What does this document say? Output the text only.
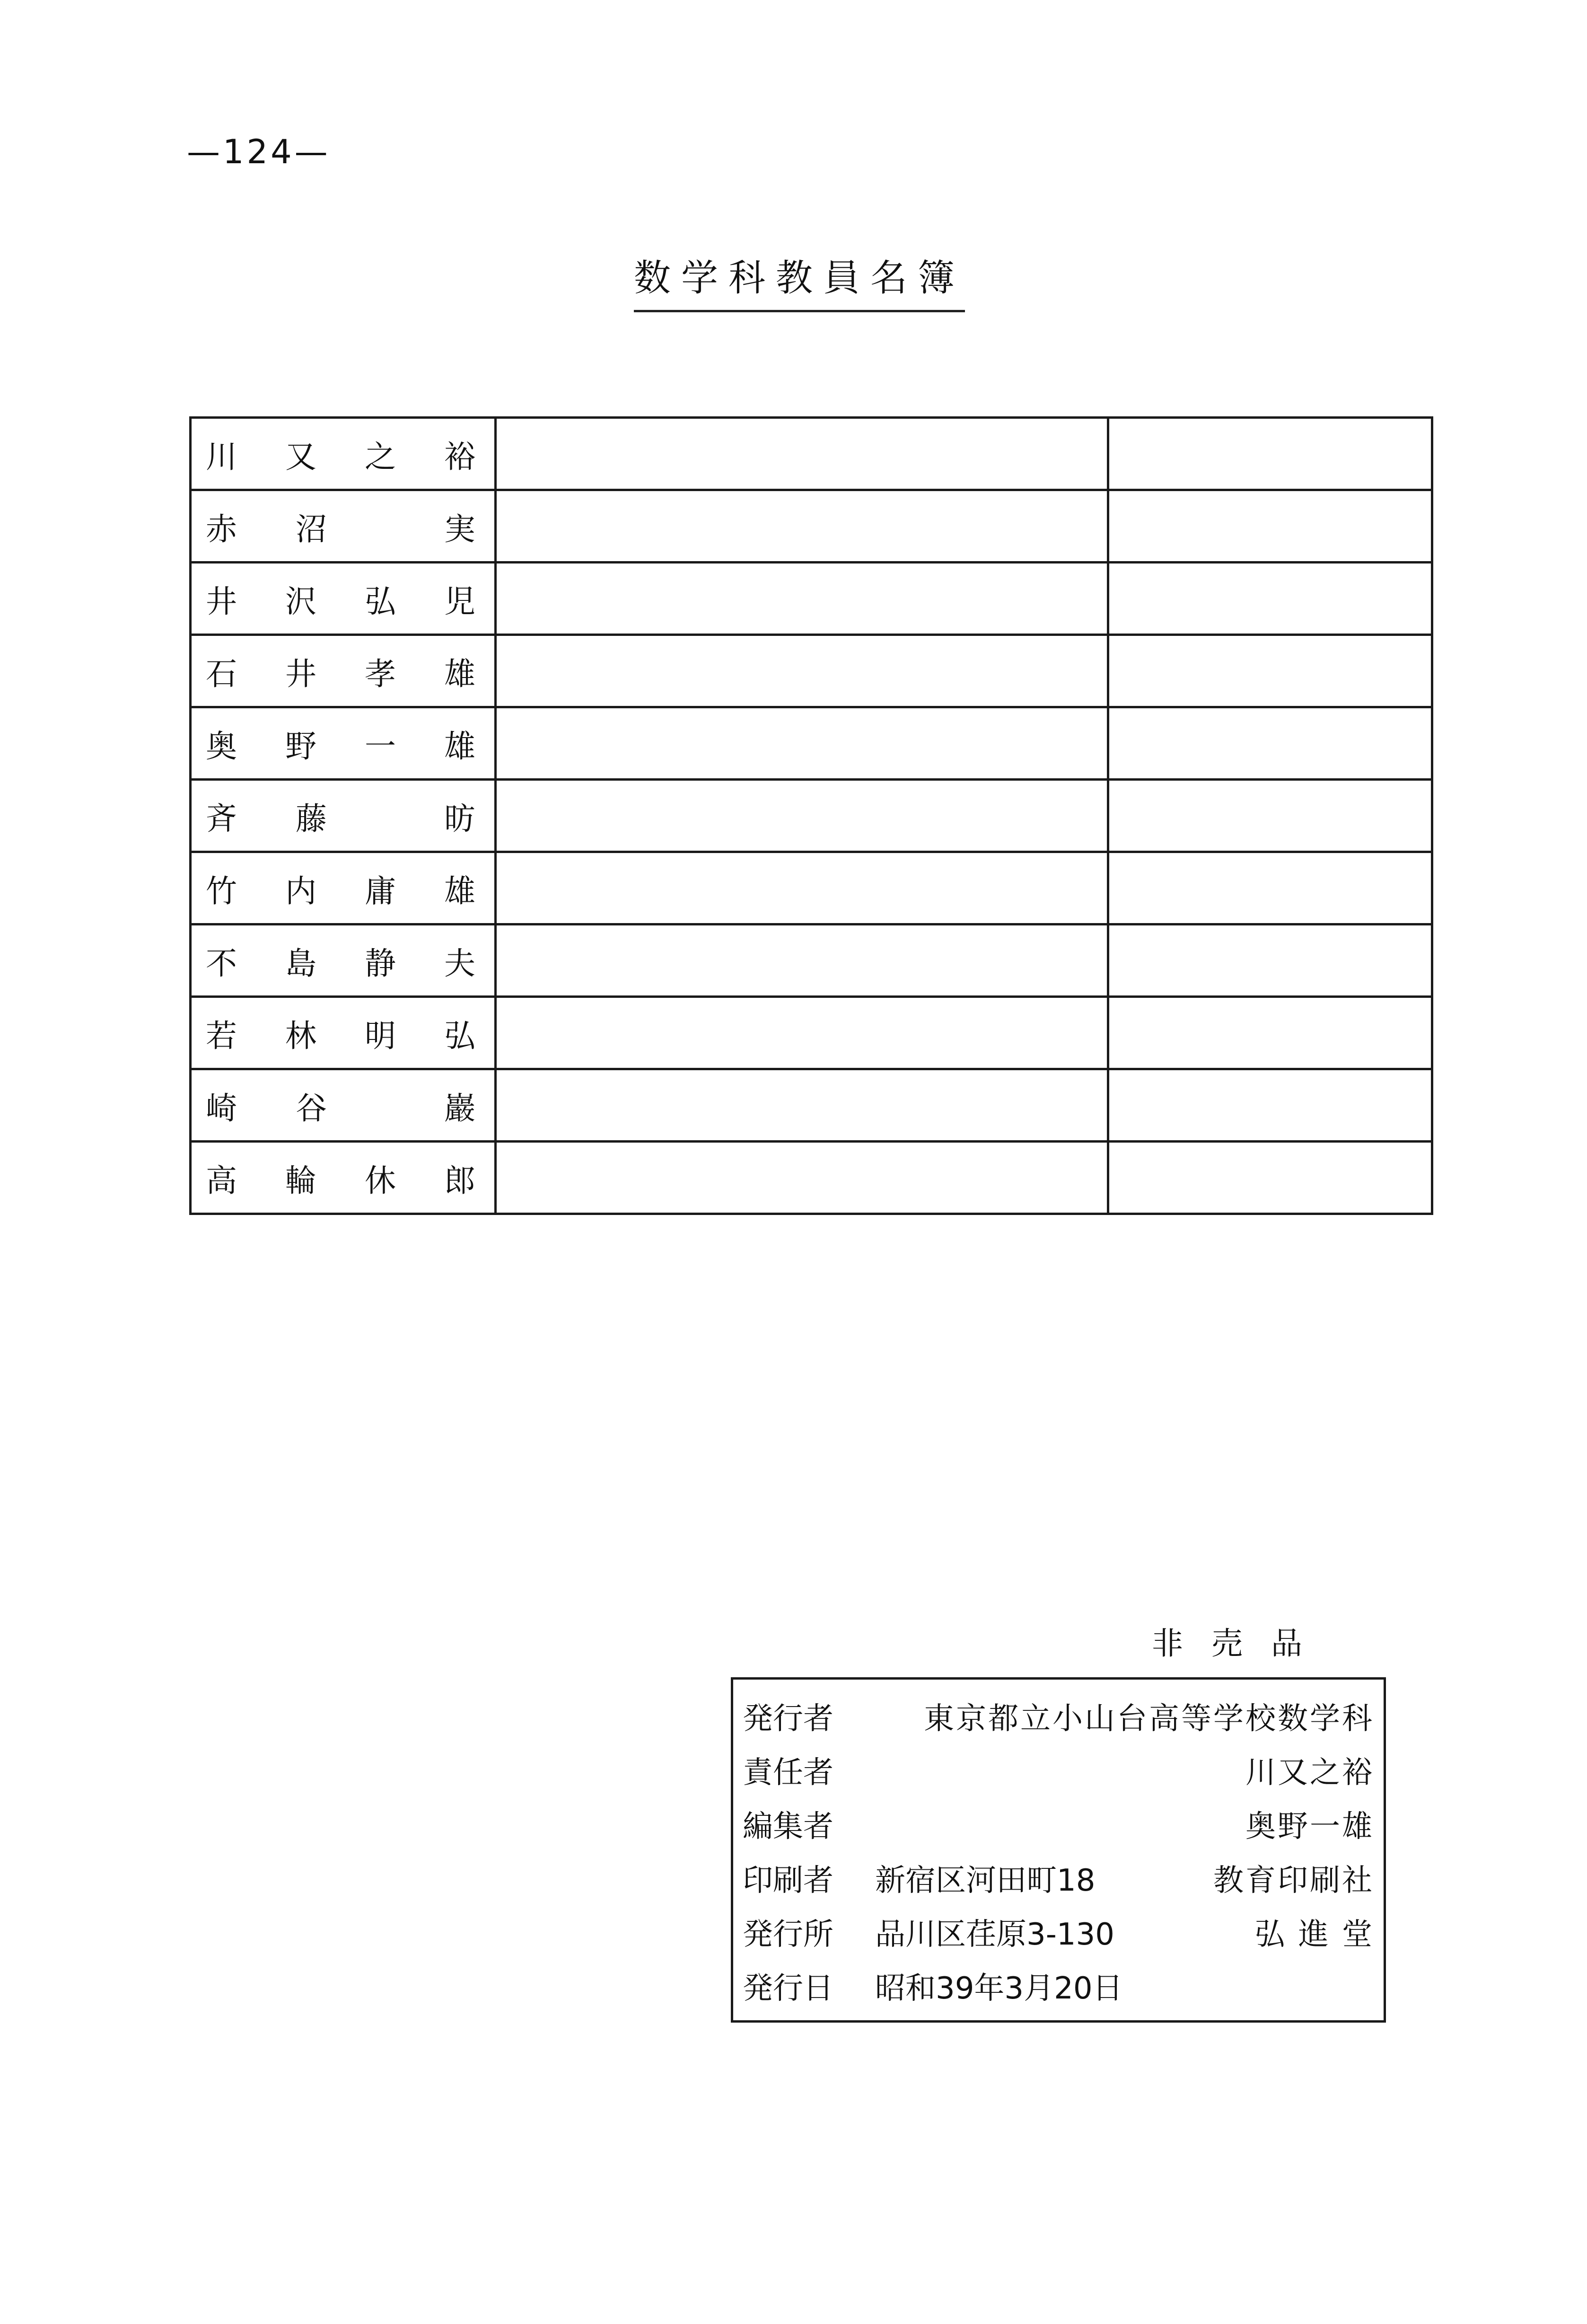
—124—
数学科教員名簿
川 又 之 裕		

赤 沼 実		

井 沢 弘 児		

石 井 孝 雄		

奥 野 一 雄		

斉 藤 昉		

竹 内 庸 雄		

不 島 静 夫		

若 林 明 弘		

崎 谷 巖		

高 輪 休 郎		

非売品
発行者	東京都立小山台高等学校数学科
責任者	川又之裕
編集者	奥野一雄
印刷者	新宿区河田町18	教育印刷社
発行所	品川区荏原3-130	弘 進 堂
発行日	昭和39年3月20日
